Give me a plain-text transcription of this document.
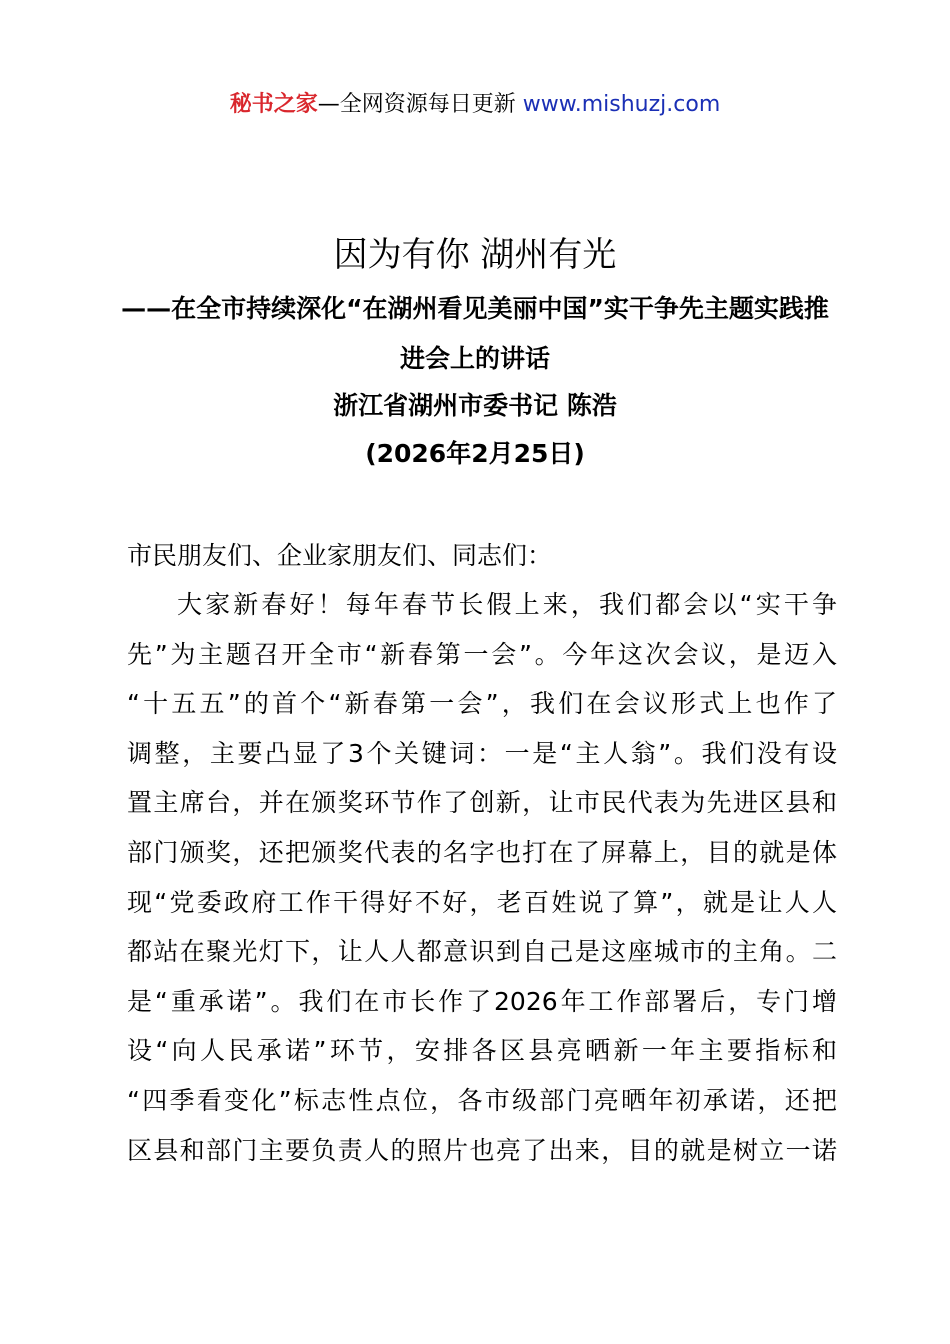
秘书之家—全网资源每日更新 www.mishuzj.com
因为有你 湖州有光
——在全市持续深化“在湖州看见美丽中国”实干争先主题实践推进会上的讲话
浙江省湖州市委书记 陈浩
(2026年2月25日)
市民朋友们、企业家朋友们、同志们：
大家新春好！每年春节长假上来，我们都会以“实干争
先”为主题召开全市“新春第一会”。今年这次会议，是迈入
“十五五”的首个“新春第一会”，我们在会议形式上也作了
调整，主要凸显了3个关键词：一是“主人翁”。我们没有设
置主席台，并在颁奖环节作了创新，让市民代表为先进区县和
部门颁奖，还把颁奖代表的名字也打在了屏幕上，目的就是体
现“党委政府工作干得好不好，老百姓说了算”，就是让人人
都站在聚光灯下，让人人都意识到自己是这座城市的主角。二
是“重承诺”。我们在市长作了2026年工作部署后，专门增
设“向人民承诺”环节，安排各区县亮晒新一年主要指标和
“四季看变化”标志性点位，各市级部门亮晒年初承诺，还把
区县和部门主要负责人的照片也亮了出来，目的就是树立一诺
